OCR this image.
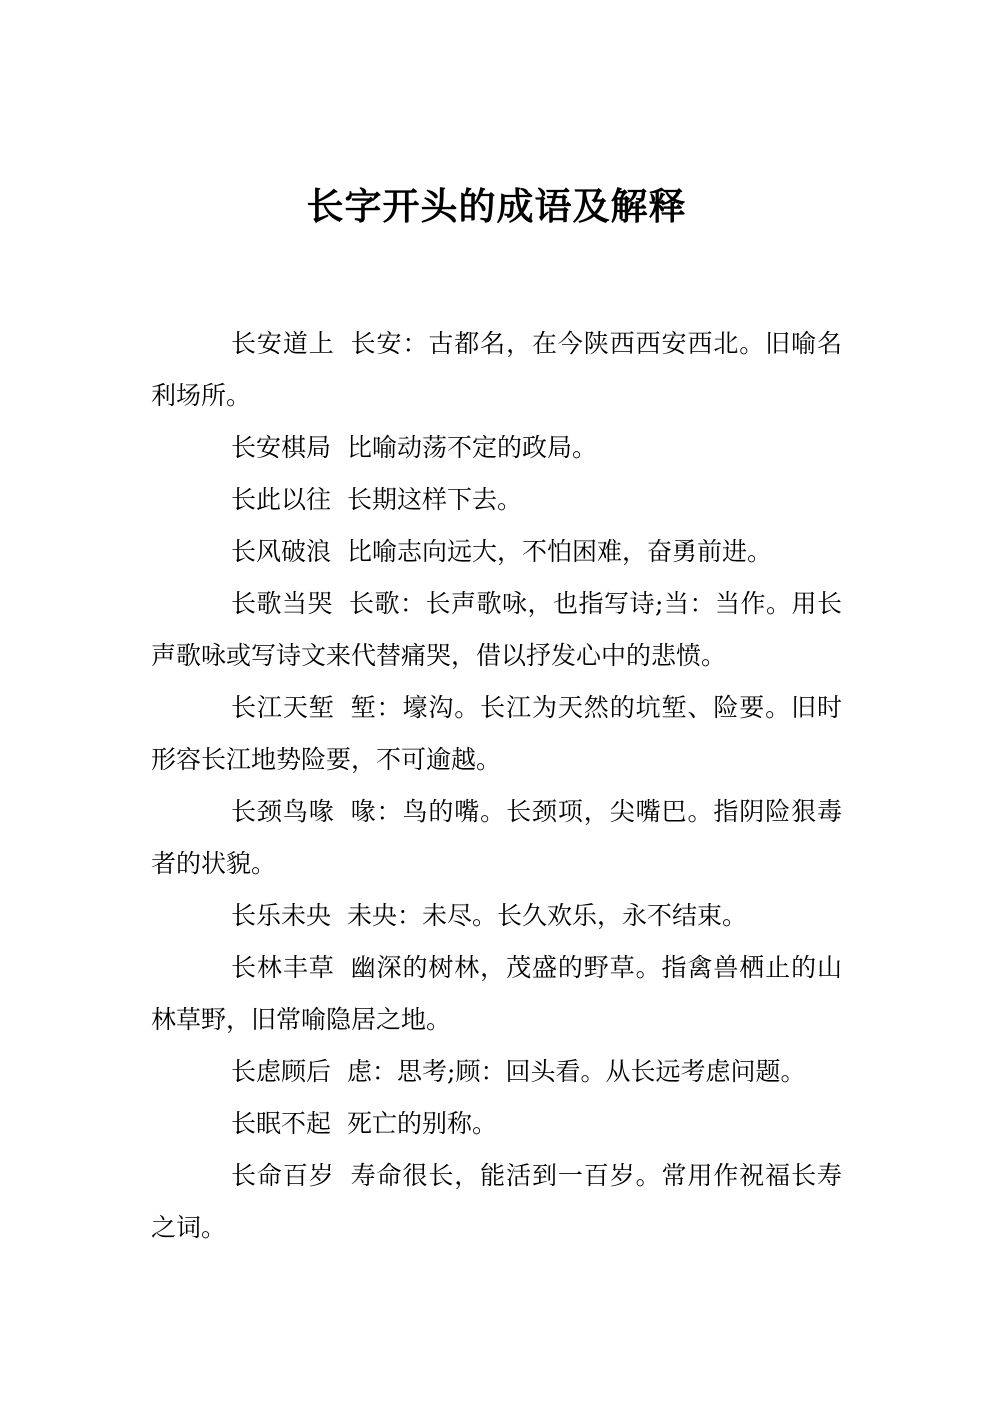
长字开头的成语及解释

长安道上 长安：古都名，在今陕西西安西北。旧喻名利场所。

长安棋局 比喻动荡不定的政局。

长此以往 长期这样下去。

长风破浪 比喻志向远大，不怕困难，奋勇前进。

长歌当哭 长歌：长声歌咏，也指写诗;当：当作。用长声歌咏或写诗文来代替痛哭，借以抒发心中的悲愤。

长江天堑 堑：壕沟。长江为天然的坑堑、险要。旧时形容长江地势险要，不可逾越。

长颈鸟喙 喙：鸟的嘴。长颈项，尖嘴巴。指阴险狠毒者的状貌。

长乐未央 未央：未尽。长久欢乐，永不结束。

长林丰草 幽深的树林，茂盛的野草。指禽兽栖止的山林草野，旧常喻隐居之地。

长虑顾后 虑：思考;顾：回头看。从长远考虑问题。

长眠不起 死亡的别称。

长命百岁 寿命很长，能活到一百岁。常用作祝福长寿之词。
